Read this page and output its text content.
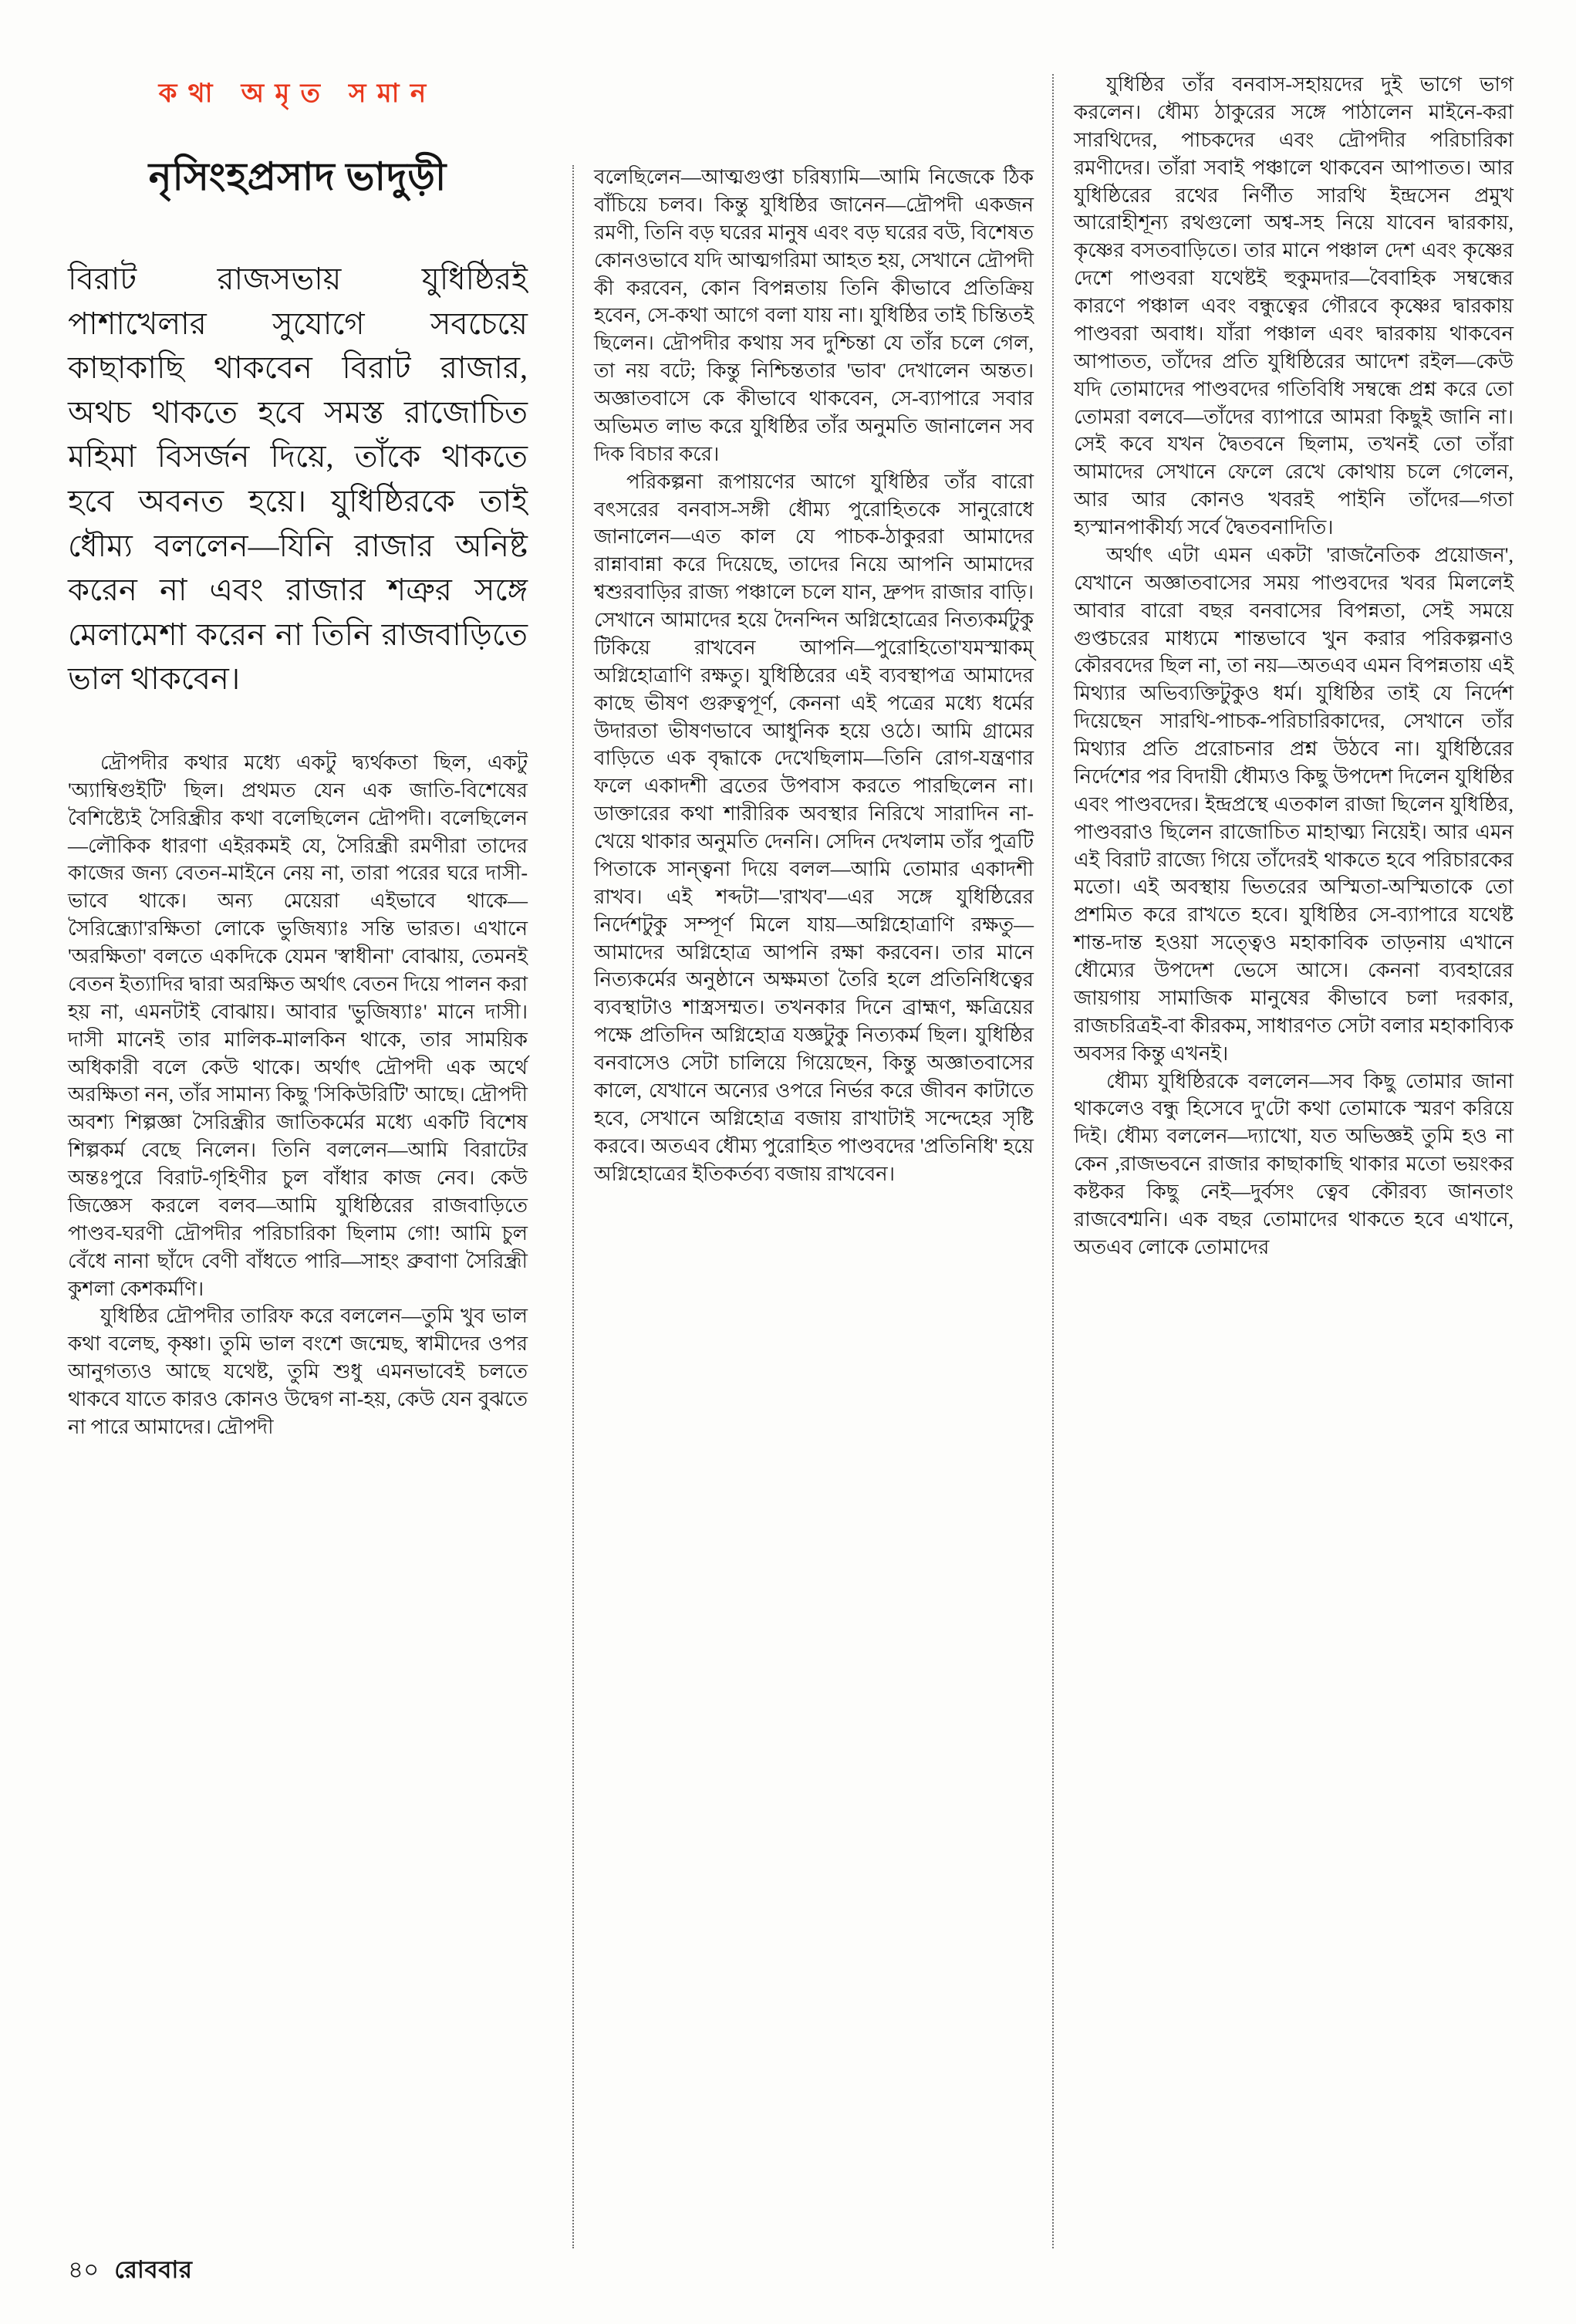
কথা অমৃত সমান
নৃসিংহপ্রসাদ ভাদুড়ী
বিরাট রাজসভায় যুধিষ্ঠিরই পাশাখেলার সুযোগে সবচেয়ে কাছাকাছি থাকবেন বিরাট রাজার, অথচ থাকতে হবে সমস্ত রাজোচিত মহিমা বিসর্জন দিয়ে, তাঁকে থাকতে হবে অবনত হয়ে। যুধিষ্ঠিরকে তাই ধৌম্য বললেন—যিনি রাজার অনিষ্ট করেন না এবং রাজার শত্রুর সঙ্গে মেলামেশা করেন না তিনি রাজবাড়িতে ভাল থাকবেন।

দ্রৌপদীর কথার মধ্যে একটু দ্ব্যর্থকতা ছিল, একটু 'অ্যাম্বিগুইটি' ছিল। প্রথমত যেন এক জাতি-বিশেষের বৈশিষ্ট্যেই সৈরিন্ধ্রীর কথা বলেছিলেন দ্রৌপদী। বলেছিলেন—লৌকিক ধারণা এইরকমই যে, সৈরিন্ধ্রী রমণীরা তাদের কাজের জন্য বেতন-মাইনে নেয় না, তারা পরের ঘরে দাসী-ভাবে থাকে। অন্য মেয়েরা এইভাবে থাকে—সৈরিন্ধ্র্যো'রক্ষিতা লোকে ভুজিষ্যাঃ সন্তি ভারত। এখানে 'অরক্ষিতা' বলতে একদিকে যেমন 'স্বাধীনা' বোঝায়, তেমনই বেতন ইত্যাদির দ্বারা অরক্ষিত অর্থাৎ বেতন দিয়ে পালন করা হয় না, এমনটাই বোঝায়। আবার 'ভুজিষ্যাঃ' মানে দাসী। দাসী মানেই তার মালিক-মালকিন থাকে, তার সাময়িক অধিকারী বলে কেউ থাকে। অর্থাৎ দ্রৌপদী এক অর্থে অরক্ষিতা নন, তাঁর সামান্য কিছু 'সিকিউরিটি' আছে। দ্রৌপদী অবশ্য শিল্পজ্ঞা সৈরিন্ধ্রীর জাতিকর্মের মধ্যে একটি বিশেষ শিল্পকর্ম বেছে নিলেন। তিনি বললেন—আমি বিরাটের অন্তঃপুরে বিরাট-গৃহিণীর চুল বাঁধার কাজ নেব। কেউ জিজ্ঞেস করলে বলব—আমি যুধিষ্ঠিরের রাজবাড়িতে পাণ্ডব-ঘরণী দ্রৌপদীর পরিচারিকা ছিলাম গো! আমি চুল বেঁধে নানা ছাঁদে বেণী বাঁধতে পারি—সাহং ব্রুবাণা সৈরিন্ধ্রী কুশলা কেশকর্মণি।

যুধিষ্ঠির দ্রৌপদীর তারিফ করে বললেন—তুমি খুব ভাল কথা বলেছ, কৃষ্ণা। তুমি ভাল বংশে জন্মেছ, স্বামীদের ওপর আনুগত্যও আছে যথেষ্ট, তুমি শুধু এমনভাবেই চলতে থাকবে যাতে কারও কোনও উদ্বেগ না-হয়, কেউ যেন বুঝতে না পারে আমাদের। দ্রৌপদী

বলেছিলেন—আত্মগুপ্তা চরিষ্যামি—আমি নিজেকে ঠিক বাঁচিয়ে চলব। কিন্তু যুধিষ্ঠির জানেন—দ্রৌপদী একজন রমণী, তিনি বড় ঘরের মানুষ এবং বড় ঘরের বউ, বিশেষত কোনওভাবে যদি আত্মগরিমা আহত হয়, সেখানে দ্রৌপদী কী করবেন, কোন বিপন্নতায় তিনি কীভাবে প্রতিক্রিয় হবেন, সে-কথা আগে বলা যায় না। যুধিষ্ঠির তাই চিন্তিতই ছিলেন। দ্রৌপদীর কথায় সব দুশ্চিন্তা যে তাঁর চলে গেল, তা নয় বটে; কিন্তু নিশ্চিন্ততার 'ভাব' দেখালেন অন্তত। অজ্ঞাতবাসে কে কীভাবে থাকবেন, সে-ব্যাপারে সবার অভিমত লাভ করে যুধিষ্ঠির তাঁর অনুমতি জানালেন সব দিক বিচার করে।

পরিকল্পনা রূপায়ণের আগে যুধিষ্ঠির তাঁর বারো বৎসরের বনবাস-সঙ্গী ধৌম্য পুরোহিতকে সানুরোধে জানালেন—এত কাল যে পাচক-ঠাকুররা আমাদের রান্নাবান্না করে দিয়েছে, তাদের নিয়ে আপনি আমাদের শ্বশুরবাড়ির রাজ্য পঞ্চালে চলে যান, দ্রুপদ রাজার বাড়ি। সেখানে আমাদের হয়ে দৈনন্দিন অগ্নিহোত্রের নিত্যকর্মটুকু টিকিয়ে রাখবেন আপনি—পুরোহিতো'যমস্মাকম্ অগ্নিহোত্রাণি রক্ষতু। যুধিষ্ঠিরের এই ব্যবস্থাপত্র আমাদের কাছে ভীষণ গুরুত্বপূর্ণ, কেননা এই পত্রের মধ্যে ধর্মের উদারতা ভীষণভাবে আধুনিক হয়ে ওঠে। আমি গ্রামের বাড়িতে এক বৃদ্ধাকে দেখেছিলাম—তিনি রোগ-যন্ত্রণার ফলে একাদশী ব্রতের উপবাস করতে পারছিলেন না। ডাক্তারের কথা শারীরিক অবস্থার নিরিখে সারাদিন না-খেয়ে থাকার অনুমতি দেননি। সেদিন দেখলাম তাঁর পুত্রটি পিতাকে সান্ত্বনা দিয়ে বলল—আমি তোমার একাদশী রাখব। এই শব্দটা—'রাখব'—এর সঙ্গে যুধিষ্ঠিরের নির্দেশটুকু সম্পূর্ণ মিলে যায়—অগ্নিহোত্রাণি রক্ষতু—আমাদের অগ্নিহোত্র আপনি রক্ষা করবেন। তার মানে নিত্যকর্মের অনুষ্ঠানে অক্ষমতা তৈরি হলে প্রতিনিধিত্বের ব্যবস্থাটাও শাস্ত্রসম্মত। তখনকার দিনে ব্রাহ্মণ, ক্ষত্রিয়ের পক্ষে প্রতিদিন অগ্নিহোত্র যজ্ঞটুকু নিত্যকর্ম ছিল। যুধিষ্ঠির বনবাসেও সেটা চালিয়ে গিয়েছেন, কিন্তু অজ্ঞাতবাসের কালে, যেখানে অন্যের ওপরে নির্ভর করে জীবন কাটাতে হবে, সেখানে অগ্নিহোত্র বজায় রাখাটাই সন্দেহের সৃষ্টি করবে। অতএব ধৌম্য পুরোহিত পাণ্ডবদের 'প্রতিনিধি' হয়ে অগ্নিহোত্রের ইতিকর্তব্য বজায় রাখবেন।

যুধিষ্ঠির তাঁর বনবাস-সহায়দের দুই ভাগে ভাগ করলেন। ধৌম্য ঠাকুরের সঙ্গে পাঠালেন মাইনে-করা সারথিদের, পাচকদের এবং দ্রৌপদীর পরিচারিকা রমণীদের। তাঁরা সবাই পঞ্চালে থাকবেন আপাতত। আর যুধিষ্ঠিরের রথের নির্ণীত সারথি ইন্দ্রসেন প্রমুখ আরোহীশূন্য রথগুলো অশ্ব-সহ নিয়ে যাবেন দ্বারকায়, কৃষ্ণের বসতবাড়িতে। তার মানে পঞ্চাল দেশ এবং কৃষ্ণের দেশে পাণ্ডবরা যথেষ্টই হুকুমদার—বৈবাহিক সম্বন্ধের কারণে পঞ্চাল এবং বন্ধুত্বের গৌরবে কৃষ্ণের দ্বারকায় পাণ্ডবরা অবাধ। যাঁরা পঞ্চাল এবং দ্বারকায় থাকবেন আপাতত, তাঁদের প্রতি যুধিষ্ঠিরের আদেশ রইল—কেউ যদি তোমাদের পাণ্ডবদের গতিবিধি সম্বন্ধে প্রশ্ন করে তো তোমরা বলবে—তাঁদের ব্যাপারে আমরা কিছুই জানি না। সেই কবে যখন দ্বৈতবনে ছিলাম, তখনই তো তাঁরা আমাদের সেখানে ফেলে রেখে কোথায় চলে গেলেন, আর আর কোনও খবরই পাইনি তাঁদের—গতা হ্যস্মানপাকীর্য্য সর্বে দ্বৈতবনাদিতি।

অর্থাৎ এটা এমন একটা 'রাজনৈতিক প্রয়োজন', যেখানে অজ্ঞাতবাসের সময় পাণ্ডবদের খবর মিললেই আবার বারো বছর বনবাসের বিপন্নতা, সেই সময়ে গুপ্তচরের মাধ্যমে শান্তভাবে খুন করার পরিকল্পনাও কৌরবদের ছিল না, তা নয়—অতএব এমন বিপন্নতায় এই মিথ্যার অভিব্যক্তিটুকুও ধর্ম। যুধিষ্ঠির তাই যে নির্দেশ দিয়েছেন সারথি-পাচক-পরিচারিকাদের, সেখানে তাঁর মিথ্যার প্রতি প্ররোচনার প্রশ্ন উঠবে না। যুধিষ্ঠিরের নির্দেশের পর বিদায়ী ধৌম্যও কিছু উপদেশ দিলেন যুধিষ্ঠির এবং পাণ্ডবদের। ইন্দ্রপ্রস্থে এতকাল রাজা ছিলেন যুধিষ্ঠির, পাণ্ডবরাও ছিলেন রাজোচিত মাহাত্ম্য নিয়েই। আর এমন এই বিরাট রাজ্যে গিয়ে তাঁদেরই থাকতে হবে পরিচারকের মতো। এই অবস্থায় ভিতরের অস্মিতা-অস্মিতাকে তো প্রশমিত করে রাখতে হবে। যুধিষ্ঠির সে-ব্যাপারে যথেষ্ট শান্ত-দান্ত হওয়া সত্ত্বেও মহাকাবিক তাড়নায় এখানে ধৌম্যের উপদেশ ভেসে আসে। কেননা ব্যবহারের জায়গায় সামাজিক মানুষের কীভাবে চলা দরকার, রাজচরিত্রই-বা কীরকম, সাধারণত সেটা বলার মহাকাব্যিক অবসর কিন্তু এখনই।

ধৌম্য যুধিষ্ঠিরকে বললেন—সব কিছু তোমার জানা থাকলেও বন্ধু হিসেবে দু'টো কথা তোমাকে স্মরণ করিয়ে দিই। ধৌম্য বললেন—দ্যাখো, যত অভিজ্ঞই তুমি হও না কেন ,রাজভবনে রাজার কাছাকাছি থাকার মতো ভয়ংকর কষ্টকর কিছু নেই—দুর্বসং ত্বেব কৌরব্য জানতাং রাজবেশ্মনি। এক বছর তোমাদের থাকতে হবে এখানে, অতএব লোকে তোমাদের

৪০ রোববার
